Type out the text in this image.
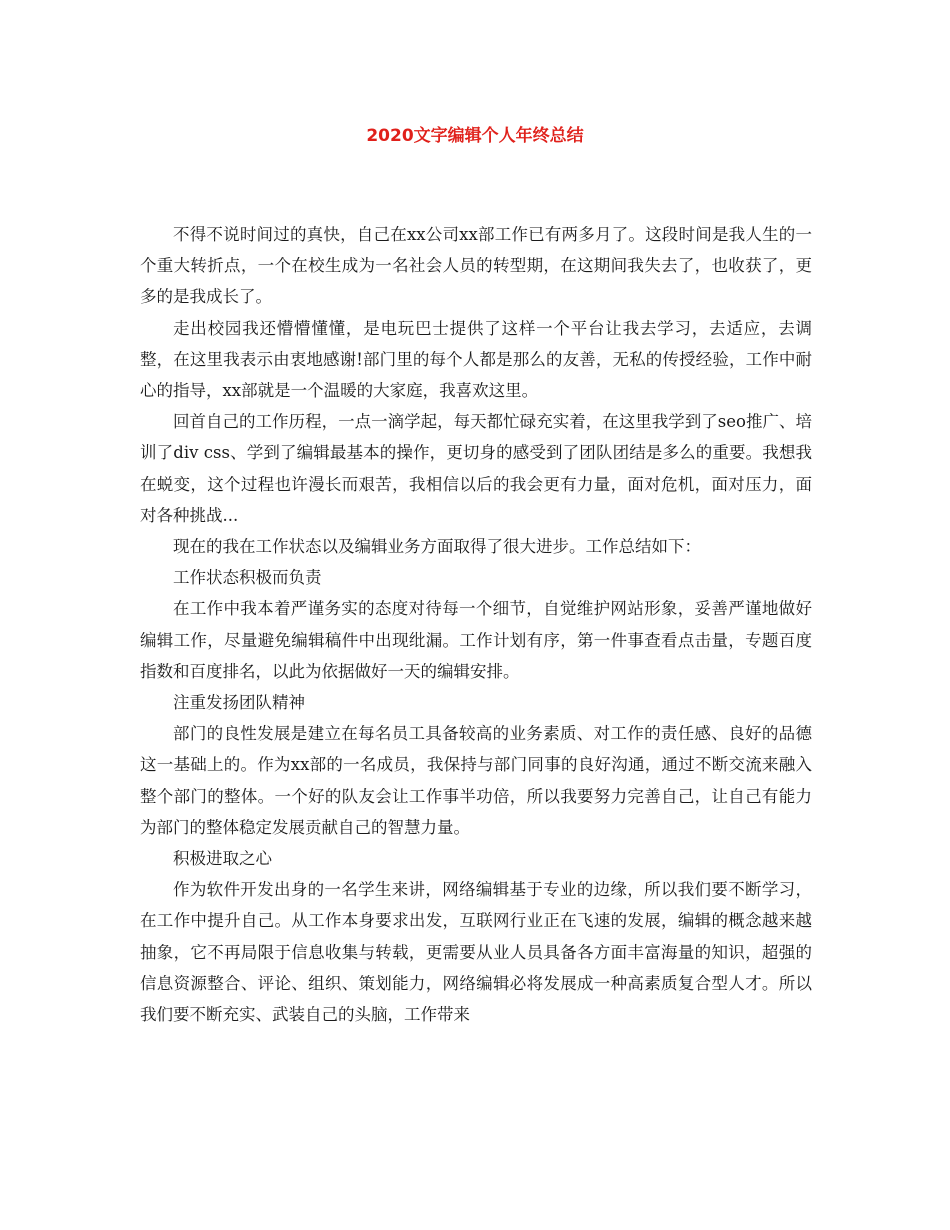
2020文字编辑个人年终总结

不得不说时间过的真快，自己在xx公司xx部工作已有两多月了。这段时间是我人生的一个重大转折点，一个在校生成为一名社会人员的转型期，在这期间我失去了，也收获了，更多的是我成长了。

走出校园我还懵懵懂懂，是电玩巴士提供了这样一个平台让我去学习，去适应，去调整，在这里我表示由衷地感谢!部门里的每个人都是那么的友善，无私的传授经验，工作中耐心的指导，xx部就是一个温暖的大家庭，我喜欢这里。

回首自己的工作历程，一点一滴学起，每天都忙碌充实着，在这里我学到了seo推广、培训了div css、学到了编辑最基本的操作，更切身的感受到了团队团结是多么的重要。我想我在蜕变，这个过程也许漫长而艰苦，我相信以后的我会更有力量，面对危机，面对压力，面对各种挑战...

现在的我在工作状态以及编辑业务方面取得了很大进步。工作总结如下：

工作状态积极而负责

在工作中我本着严谨务实的态度对待每一个细节，自觉维护网站形象，妥善严谨地做好编辑工作，尽量避免编辑稿件中出现纰漏。工作计划有序，第一件事查看点击量，专题百度指数和百度排名，以此为依据做好一天的编辑安排。

注重发扬团队精神

部门的良性发展是建立在每名员工具备较高的业务素质、对工作的责任感、良好的品德这一基础上的。作为xx部的一名成员，我保持与部门同事的良好沟通，通过不断交流来融入整个部门的整体。一个好的队友会让工作事半功倍，所以我要努力完善自己，让自己有能力为部门的整体稳定发展贡献自己的智慧力量。

积极进取之心

作为软件开发出身的一名学生来讲，网络编辑基于专业的边缘，所以我们要不断学习，在工作中提升自己。从工作本身要求出发，互联网行业正在飞速的发展，编辑的概念越来越抽象，它不再局限于信息收集与转载，更需要从业人员具备各方面丰富海量的知识，超强的信息资源整合、评论、组织、策划能力，网络编辑必将发展成一种高素质复合型人才。所以我们要不断充实、武装自己的头脑，工作带来
